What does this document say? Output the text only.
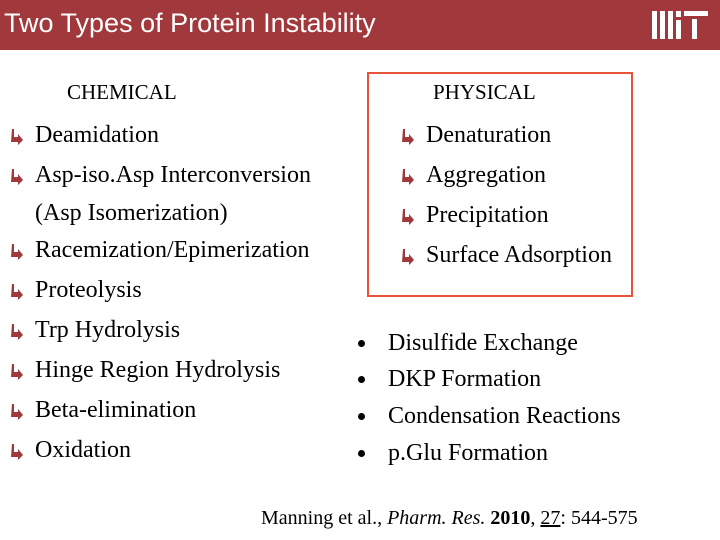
Two Types of Protein Instability
CHEMICAL	PHYSICAL
Deamidation
Asp-iso.Asp Interconversion
(Asp Isomerization)
Racemization/Epimerization
Proteolysis
Trp Hydrolysis
Hinge Region Hydrolysis
Beta-elimination
Oxidation
Denaturation
Aggregation
Precipitation
Surface Adsorption
Disulfide Exchange
DKP Formation
Condensation Reactions
p.Glu Formation
Manning et al., Pharm. Res. 2010, 27: 544-575
